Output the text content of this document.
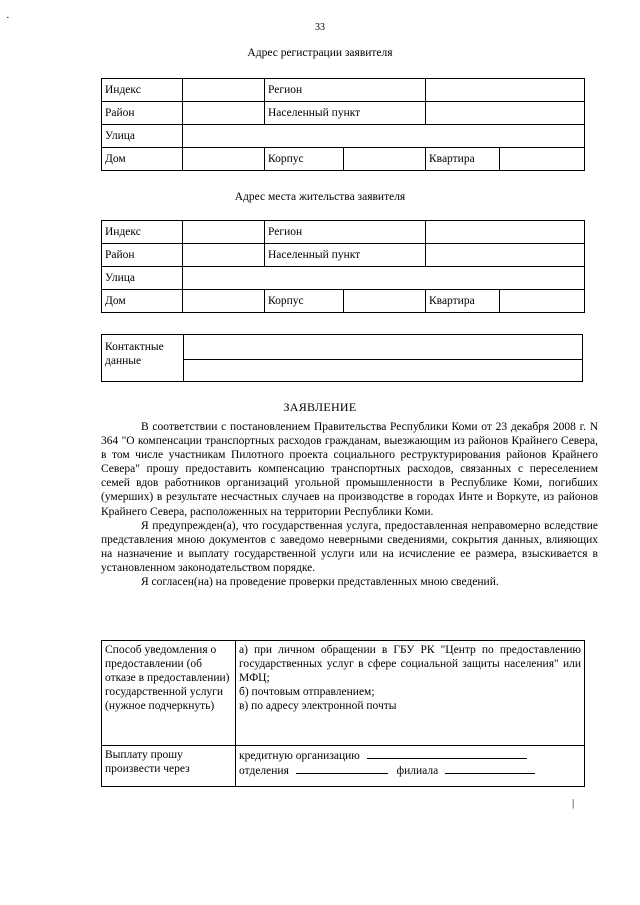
33
·
Адрес регистрации заявителя
Индекс		Регион		
Район		Населенный пункт		
Улица				
Дом		Корпус		Квартира
Адрес места жительства заявителя
Индекс		Регион		
Район		Населенный пункт		
Улица				
Дом		Корпус		Квартира
Контактные данные
ЗАЯВЛЕНИЕ

В соответствии с постановлением Правительства Республики Коми от 23 декабря 2008 г. N 364 "О компенсации транспортных расходов гражданам, выезжающим из районов Крайнего Севера, в том числе участникам Пилотного проекта социального реструктурирования районов Крайнего Севера" прошу предоставить компенсацию транспортных расходов, связанных с переселением семей вдов работников организаций угольной промышленности в Республике Коми, погибших (умерших) в результате несчастных случаев на производстве в городах Инте и Воркуте, из районов Крайнего Севера, расположенных на территории Республики Коми.

Я предупрежден(а), что государственная услуга, предоставленная неправомерно вследствие представления мною документов с заведомо неверными сведениями, сокрытия данных, влияющих на назначение и выплату государственной услуги или на исчисление ее размера, взыскивается в установленном законодательством порядке.

Я согласен(на) на проведение проверки представленных мною сведений.

Способ уведомления о предоставлении (об отказе в предоставлении) государственной услуги (нужное подчеркнуть)	а) при личном обращении в ГБУ РК "Центр по предоставлению государственных услуг в сфере социальной защиты населения" или МФЦ;
б) почтовым отправлением;
в) по адресу электронной почты

Выплату прошу произвести через	кредитную организацию
отделения филиала
|
